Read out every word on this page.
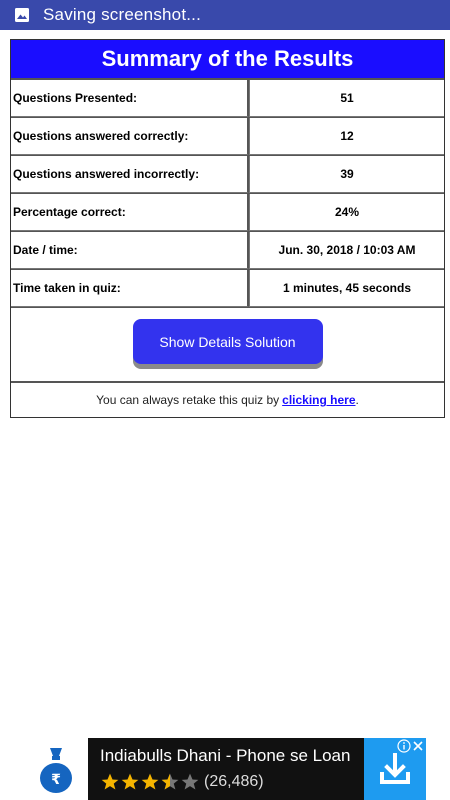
Saving screenshot...
Summary of the Results
Questions Presented:	51
Questions answered correctly:	12
Questions answered incorrectly:	39
Percentage correct:	24%
Date / time:	Jun. 30, 2018 / 10:03 AM
Time taken in quiz:	1 minutes, 45 seconds
Show Details Solution
You can always retake this quiz by clicking here .
₹
Indiabulls Dhani - Phone se Loan
(26,486)
